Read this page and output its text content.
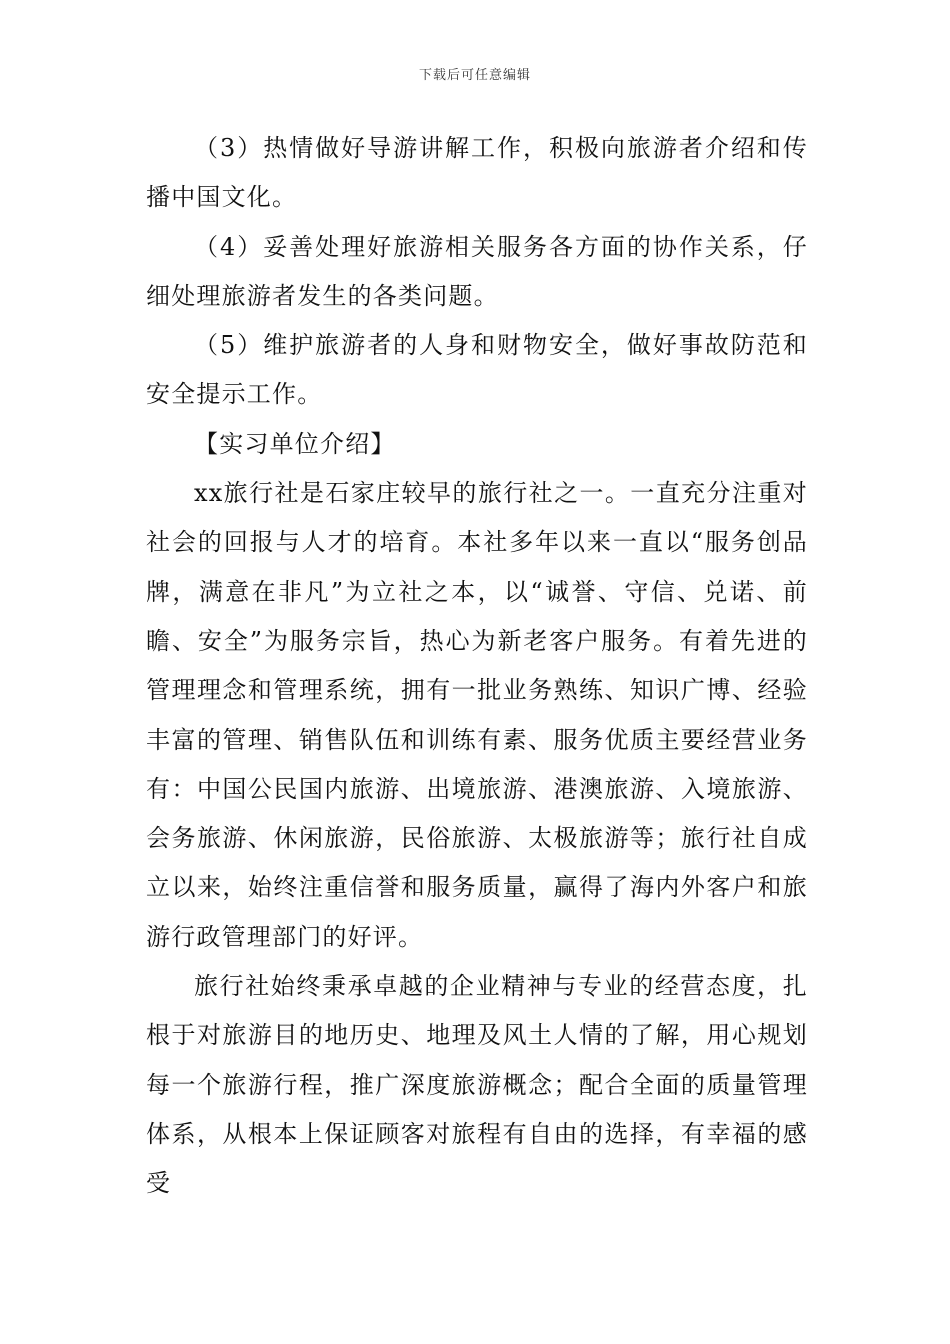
下载后可任意编辑

（3）热情做好导游讲解工作，积极向旅游者介绍和传播中国文化。

（4）妥善处理好旅游相关服务各方面的协作关系，仔细处理旅游者发生的各类问题。

（5）维护旅游者的人身和财物安全，做好事故防范和安全提示工作。

【实习单位介绍】

xx旅行社是石家庄较早的旅行社之一。一直充分注重对社会的回报与人才的培育。本社多年以来一直以“服务创品牌，满意在非凡”为立社之本，以“诚誉、守信、兑诺、前瞻、安全”为服务宗旨，热心为新老客户服务。有着先进的管理理念和管理系统，拥有一批业务熟练、知识广博、经验丰富的管理、销售队伍和训练有素、服务优质主要经营业务有：中国公民国内旅游、出境旅游、港澳旅游、入境旅游、会务旅游、休闲旅游，民俗旅游、太极旅游等；旅行社自成立以来，始终注重信誉和服务质量，赢得了海内外客户和旅游行政管理部门的好评。

旅行社始终秉承卓越的企业精神与专业的经营态度，扎根于对旅游目的地历史、地理及风土人情的了解，用心规划每一个旅游行程，推广深度旅游概念；配合全面的质量管理体系，从根本上保证顾客对旅程有自由的选择，有幸福的感受
